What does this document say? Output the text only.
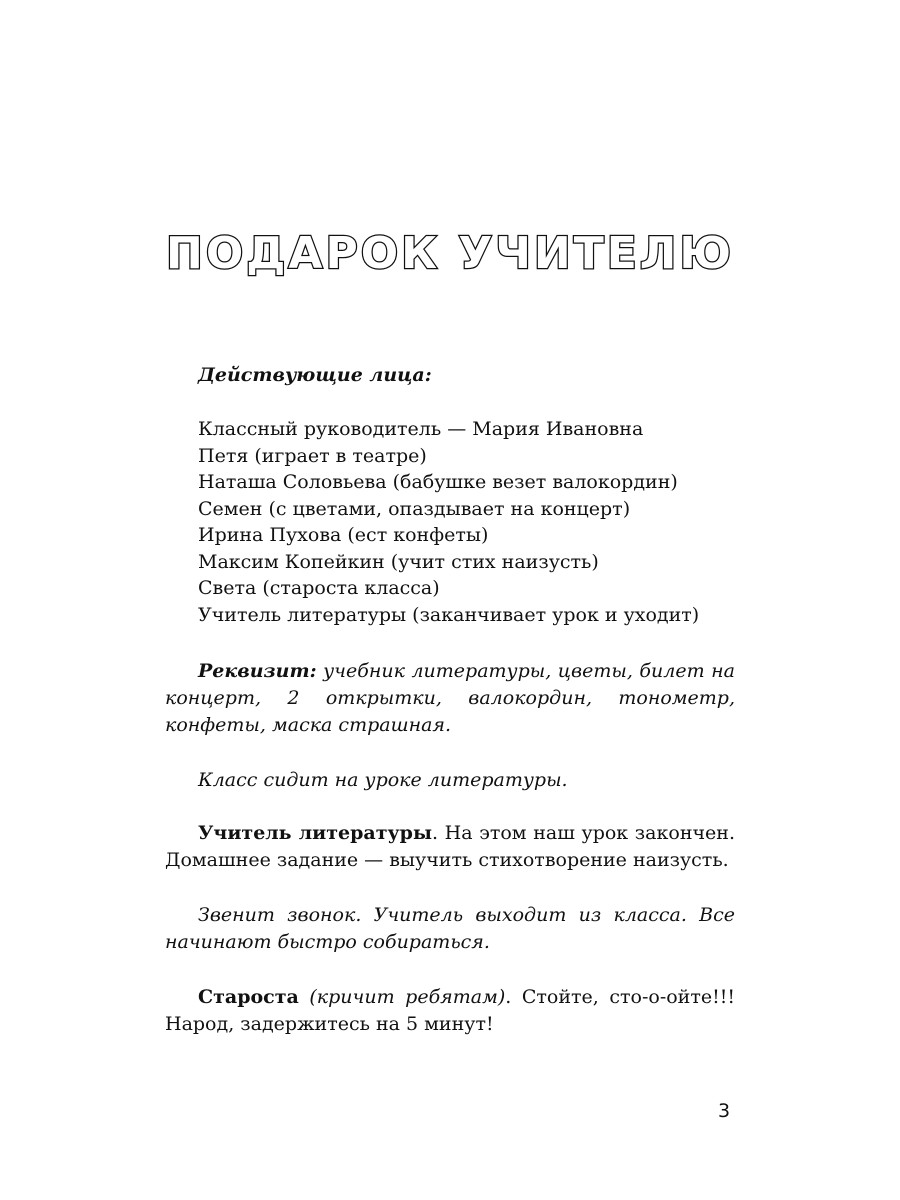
ПОДАРОК УЧИТЕЛЮ
Действующие лица:
Классный руководитель — Мария Ивановна
Петя (играет в театре)
Наташа Соловьева (бабушке везет валокордин)
Семен (с цветами, опаздывает на концерт)
Ирина Пухова (ест конфеты)
Максим Копейкин (учит стих наизусть)
Света (староста класса)
Учитель литературы (заканчивает урок и уходит)

Реквизит: учебник литературы, цветы, билет на концерт, 2 открытки, валокордин, тонометр, конфеты, маска страшная.

Класс сидит на уроке литературы.

Учитель литературы. На этом наш урок закончен. Домашнее задание — выучить стихотворение наизусть.

Звенит звонок. Учитель выходит из класса. Все начинают быстро собираться.

Староста (кричит ребятам). Стойте, сто-о-ойте!!! Народ, задержитесь на 5 минут!

3
